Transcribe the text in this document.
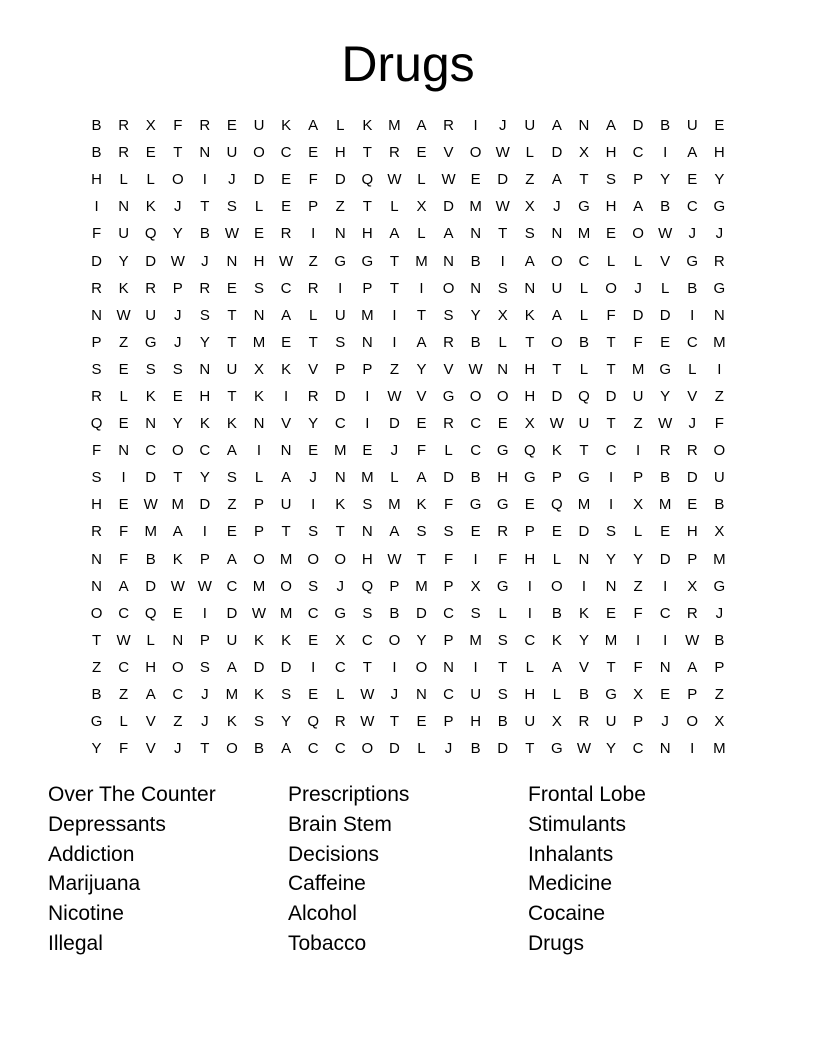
Drugs
B	R	X	F	R	E	U	K	A	L	K	M	A	R	I	J	U	A	N	A	D	B	U	E
B	R	E	T	N	U	O	C	E	H	T	R	E	V	O W	L	D	X	H	C	I	A	H
H	L	L	O	I	J	D	E	F	D	Q W	L	W E	D	Z	A	T	S	P	Y	E	Y
I	N	K	J	T	S	L	E	P	Z	T	L	X	D	M W X	J	G	H	A	B	C	G
F	U	Q	Y	B W E	R	I	N	H	A	L	A	N	T	S	N	M	E	O W	J	J
D	Y	D W	J	N	H W	Z	G	G	T	M	N	B	I	A	O	C	L	L	V	G	R
R	K	R	P	R	E	S	C	R	I	P	T	I	O	N	S	N	U	L	O	J	L	B	G
N W U	J	S	T	N	A	L	U	M	I	T	S	Y	X	K	A	L	F	D	D	I	N
P	Z	G	J	Y	T	M	E	T	S	N	I	A	R	B	L	T	O	B	T	F	E	C	M
S	E	S	S	N	U	X	K	V	P	P	Z	Y	V W N	H	T	L	T	M	G	L	I
R	L	K	E	H	T	K	I	R	D	I	W V	G	O	O	H	D	Q	D	U	Y	V	Z
Q	E	N	Y	K	K	N	V	Y	C	I	D	E	R	C	E	X W U	T	Z	W	J	F
F	N	C	O	C	A	I	N	E	M	E	J	F	L	C	G	Q	K	T	C	I	R	R	O
S	I	D	T	Y	S	L	A	J	N	M	L	A	D	B	H	G	P	G	I	P	B	D	U
H	E W M	D	Z	P	U	I	K	S	M	K	F	G	G	E	Q M	I	X	M	E	B
R	F	M	A	I	E	P	T	S	T	N	A	S	S	E	R	P	E	D	S	L	E	H	X
N	F	B	K	P	A	O M	O	O	H W	T	F	I	F	H	L	N	Y	Y	D	P	M
N	A	D W W C	M	O	S	J	Q	P	M	P	X	G	I	O	I	N	Z	I	X	G
O	C	Q	E	I	D W M	C	G	S	B	D	C	S	L	I	B	K	E	F	C	R	J
T	W	L	N	P	U	K	K	E	X	C	O	Y	P	M	S	C	K	Y	M	I	I	W B
Z	C	H	O	S	A	D	D	I	C	T	I	O	N	I	T	L	A	V	T	F	N	A	P
B	Z	A	C	J	M	K	S	E	L	W	J	N	C	U	S	H	L	B	G	X	E	P	Z
G	L	V	Z	J	K	S	Y	Q	R W	T	E	P	H	B	U	X	R	U	P	J	O	X
Y	F	V	J	T	O	B	A	C	C	O	D	L	J	B	D	T	G W Y	C	N	I	M
Over The Counter
Depressants
Addiction
Marijuana
Nicotine
Illegal
Prescriptions
Brain Stem
Decisions
Caffeine
Alcohol
Tobacco
Frontal Lobe
Stimulants
Inhalants
Medicine
Cocaine
Drugs
